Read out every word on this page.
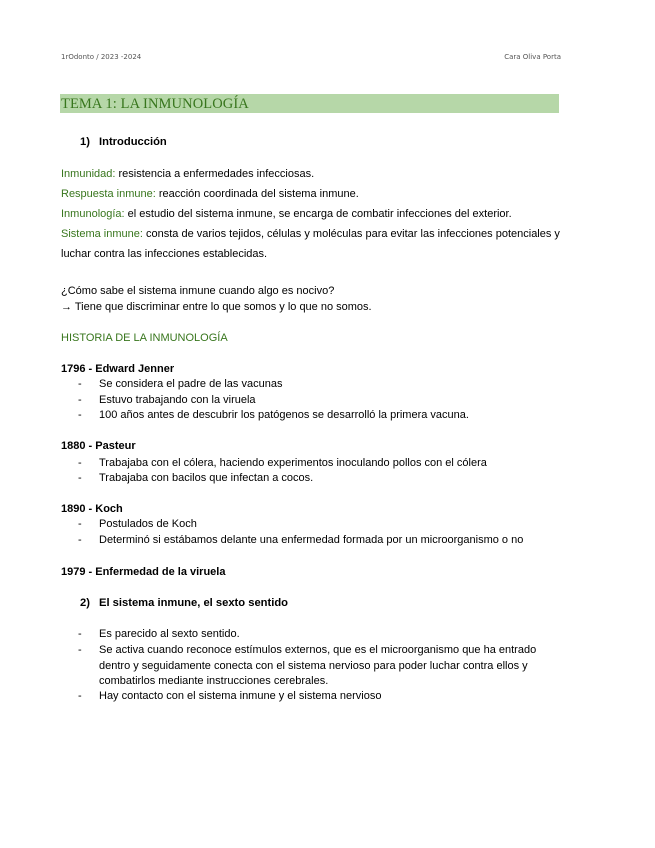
1rOdonto / 2023 -2024	Cara Oliva Porta
TEMA 1: LA INMUNOLOGÍA
1) Introducción
Inmunidad: resistencia a enfermedades infecciosas.
Respuesta inmune: reacción coordinada del sistema inmune.
Inmunología: el estudio del sistema inmune, se encarga de combatir infecciones del exterior.
Sistema inmune: consta de varios tejidos, células y moléculas para evitar las infecciones potenciales y
luchar contra las infecciones establecidas.
¿Cómo sabe el sistema inmune cuando algo es nocivo?
→ Tiene que discriminar entre lo que somos y lo que no somos.
HISTORIA DE LA INMUNOLOGÍA
1796 - Edward Jenner
- Se considera el padre de las vacunas
- Estuvo trabajando con la viruela
- 100 años antes de descubrir los patógenos se desarrolló la primera vacuna.
1880 - Pasteur
- Trabajaba con el cólera, haciendo experimentos inoculando pollos con el cólera
- Trabajaba con bacilos que infectan a cocos.
1890 - Koch
- Postulados de Koch
- Determinó si estábamos delante una enfermedad formada por un microorganismo o no
1979 - Enfermedad de la viruela
2) El sistema inmune, el sexto sentido
- Es parecido al sexto sentido.
- Se activa cuando reconoce estímulos externos, que es el microorganismo que ha entrado
dentro y seguidamente conecta con el sistema nervioso para poder luchar contra ellos y
combatirlos mediante instrucciones cerebrales.
- Hay contacto con el sistema inmune y el sistema nervioso
